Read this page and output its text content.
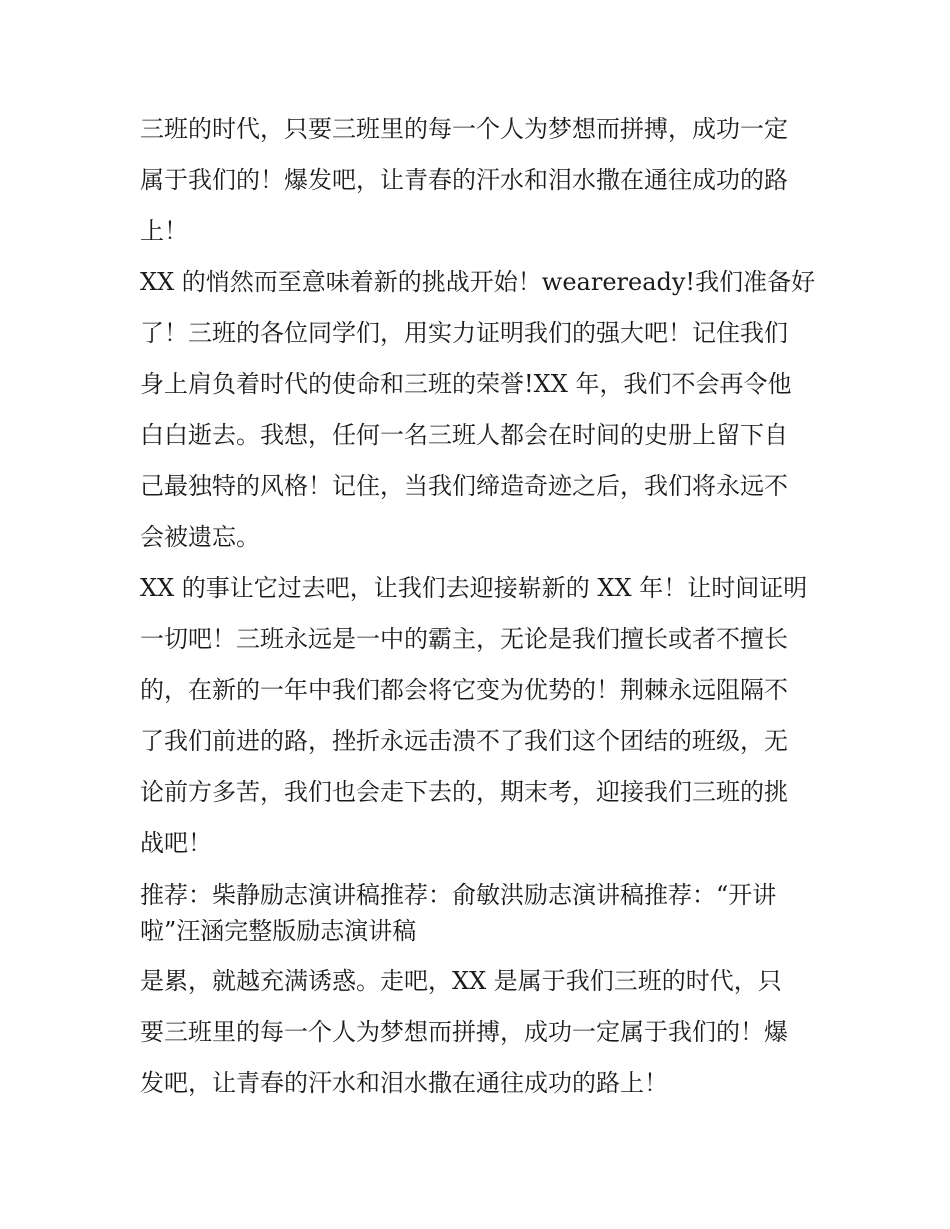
三班的时代，只要三班里的每一个人为梦想而拼搏，成功一定
属于我们的！爆发吧，让青春的汗水和泪水撒在通往成功的路
上！

XX 的悄然而至意味着新的挑战开始！weareready!我们准备好
了！三班的各位同学们，用实力证明我们的强大吧！记住我们
身上肩负着时代的使命和三班的荣誉!XX 年，我们不会再令他
白白逝去。我想，任何一名三班人都会在时间的史册上留下自
己最独特的风格！记住，当我们缔造奇迹之后，我们将永远不
会被遗忘。

XX 的事让它过去吧，让我们去迎接崭新的 XX 年！让时间证明
一切吧！三班永远是一中的霸主，无论是我们擅长或者不擅长
的，在新的一年中我们都会将它变为优势的！荆棘永远阻隔不
了我们前进的路，挫折永远击溃不了我们这个团结的班级，无
论前方多苦，我们也会走下去的，期末考，迎接我们三班的挑
战吧！

推荐：柴静励志演讲稿推荐：俞敏洪励志演讲稿推荐：“开讲
啦”汪涵完整版励志演讲稿

是累，就越充满诱惑。走吧，XX 是属于我们三班的时代，只
要三班里的每一个人为梦想而拼搏，成功一定属于我们的！爆
发吧，让青春的汗水和泪水撒在通往成功的路上！
